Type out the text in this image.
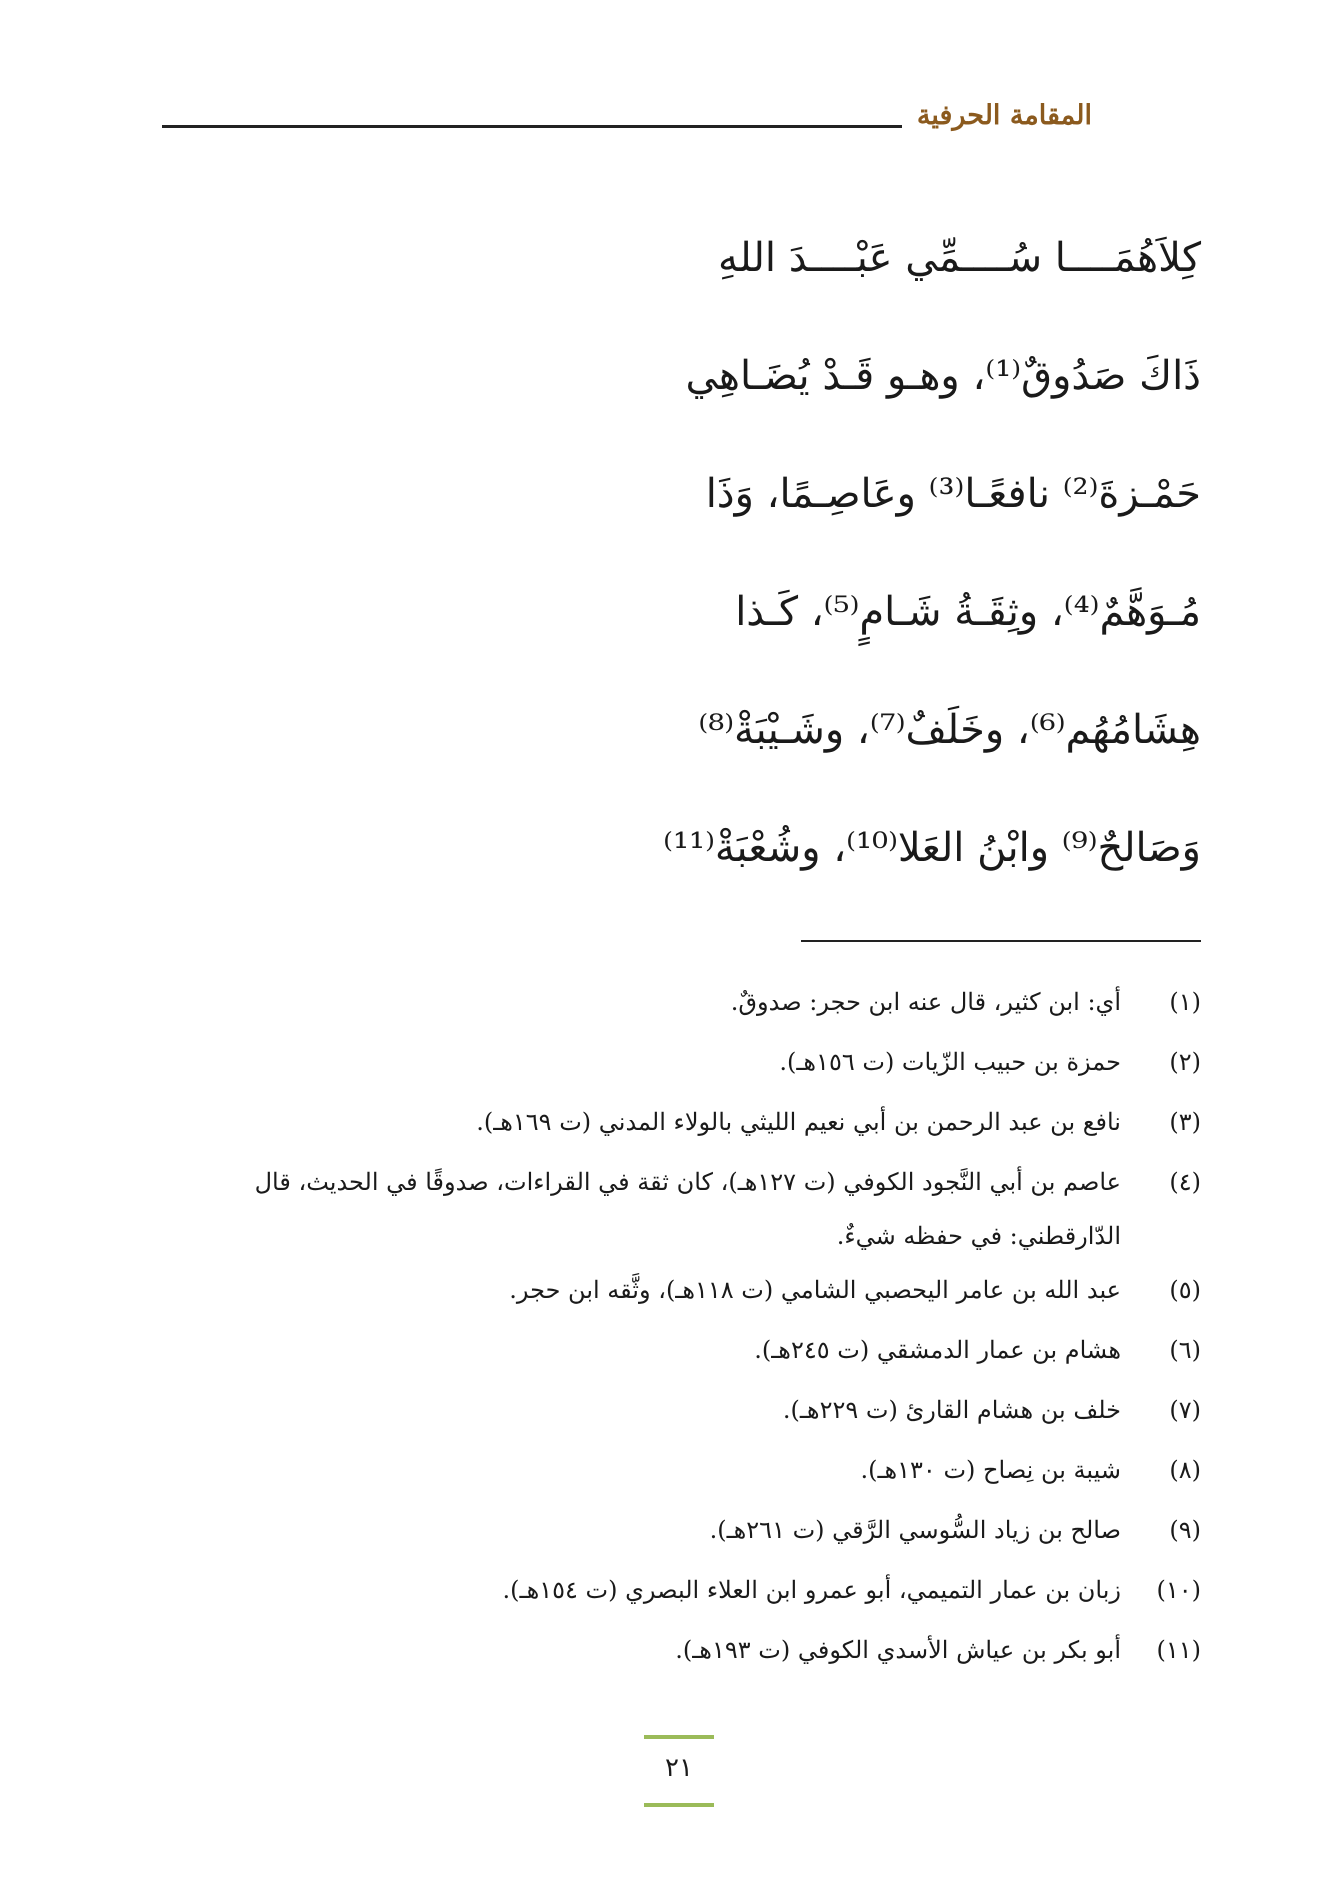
المقامة الحرفية
كِلاَهُمَــــا سُــــمِّي عَبْــــدَ اللهِ
ذَاكَ صَدُوقٌ⁽¹⁾، وهـو قَـدْ يُضَـاهِي
حَمْـزةَ⁽²⁾ نافعًـا⁽³⁾ وعَاصِـمًا، وَذَا
مُـوَهَّمٌ⁽⁴⁾، وثِقَـةُ شَـامٍ⁽⁵⁾، كَـذا
هِشَامُهُم⁽⁶⁾، وخَلَفٌ⁽⁷⁾، وشَـيْبَةْ⁽⁸⁾
وَصَالحٌ⁽⁹⁾ وابْنُ العَلا⁽¹⁰⁾، وشُعْبَةْ⁽¹¹⁾
(١)
أي: ابن كثير، قال عنه ابن حجر: صدوقٌ.
(٢)
حمزة بن حبيب الزّيات (ت ١٥٦هـ).
(٣)
نافع بن عبد الرحمن بن أبي نعيم الليثي بالولاء المدني (ت ١٦٩هـ).
(٤)
عاصم بن أبي النَّجود الكوفي (ت ١٢٧هـ)، كان ثقة في القراءات، صدوقًا في الحديث، قال الدّارقطني: في حفظه شيءٌ.
(٥)
عبد الله بن عامر اليحصبي الشامي (ت ١١٨هـ)، وثَّقه ابن حجر.
(٦)
هشام بن عمار الدمشقي (ت ٢٤٥هـ).
(٧)
خلف بن هشام القارئ (ت ٢٢٩هـ).
(٨)
شيبة بن نِصاح (ت ١٣٠هـ).
(٩)
صالح بن زياد السُّوسي الرَّقي (ت ٢٦١هـ).
(١٠)
زبان بن عمار التميمي، أبو عمرو ابن العلاء البصري (ت ١٥٤هـ).
(١١)
أبو بكر بن عياش الأسدي الكوفي (ت ١٩٣هـ).
٢١
